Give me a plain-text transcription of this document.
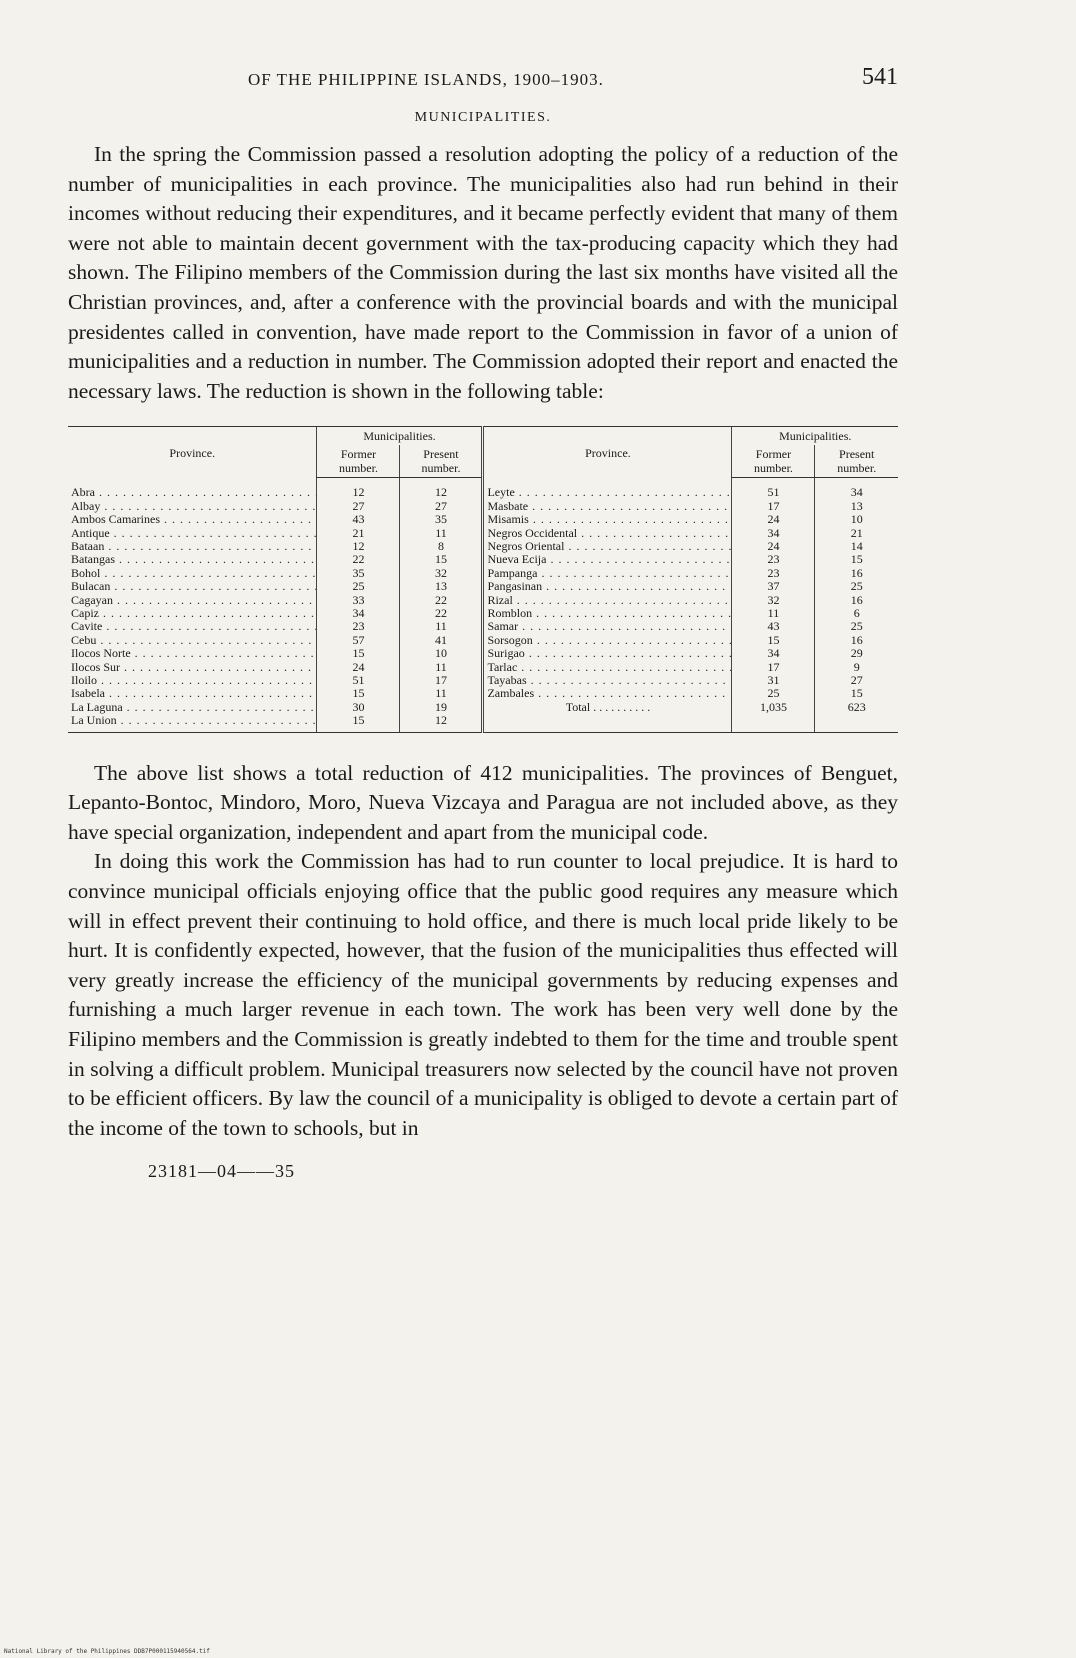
OF THE PHILIPPINE ISLANDS, 1900–1903.	541
MUNICIPALITIES.

In the spring the Commission passed a resolution adopting the policy of a reduction of the number of municipalities in each province. The municipalities also had run behind in their incomes without reducing their expenditures, and it became perfectly evident that many of them were not able to maintain decent government with the tax-producing capacity which they had shown. The Filipino members of the Commission during the last six months have visited all the Christian provinces, and, after a conference with the provincial boards and with the municipal presidentes called in convention, have made report to the Commission in favor of a union of municipalities and a reduction in number. The Commission adopted their report and enacted the necessary laws. The reduction is shown in the following table:

Province.	Municipalities.		Province.	Municipalities.	
	Former number.	Present number.		Former number.	Present number.
Abra . . .	12	12	Leyte . . .	51	34
Albay . . .	27	27	Masbate . . .	17	13
Ambos Camarines . . .	43	35	Misamis . . .	24	10
Antique . . .	21	11	Negros Occidental . . .	34	21
Bataan . . .	12	8	Negros Oriental . . .	24	14
Batangas . . .	22	15	Nueva Ecija . . .	23	15
Bohol . . .	35	32	Pampanga . . .	23	16
Bulacan . . .	25	13	Pangasinan . . .	37	25
Cagayan . . .	33	22	Rizal . . .	32	16
Capiz . . .	34	22	Romblon . . .	11	6
Cavite . . .	23	11	Samar . . .	43	25
Cebu . . .	57	41	Sorsogon . . .	15	16
Ilocos Norte . . .	15	10	Surigao . . .	34	29
Ilocos Sur . . .	24	11	Tarlac . . .	17	9
Iloilo . . .	51	17	Tayabas . . .	31	27
Isabela . . .	15	11	Zambales . . .	25	15
La Laguna . . .	30	19	Total . . .	1,035	623
La Union . . .	15	12			

The above list shows a total reduction of 412 municipalities. The provinces of Benguet, Lepanto-Bontoc, Mindoro, Moro, Nueva Vizcaya and Paragua are not included above, as they have special organization, independent and apart from the municipal code.

In doing this work the Commission has had to run counter to local prejudice. It is hard to convince municipal officials enjoying office that the public good requires any measure which will in effect prevent their continuing to hold office, and there is much local pride likely to be hurt. It is confidently expected, however, that the fusion of the municipalities thus effected will very greatly increase the efficiency of the municipal governments by reducing expenses and furnishing a much larger revenue in each town. The work has been very well done by the Filipino members and the Commission is greatly indebted to them for the time and trouble spent in solving a difficult problem. Municipal treasurers now selected by the council have not proven to be efficient officers. By law the council of a municipality is obliged to devote a certain part of the income of the town to schools, but in

23181—04——35
National Library of the Philippines DDB7P000115940564.tif
